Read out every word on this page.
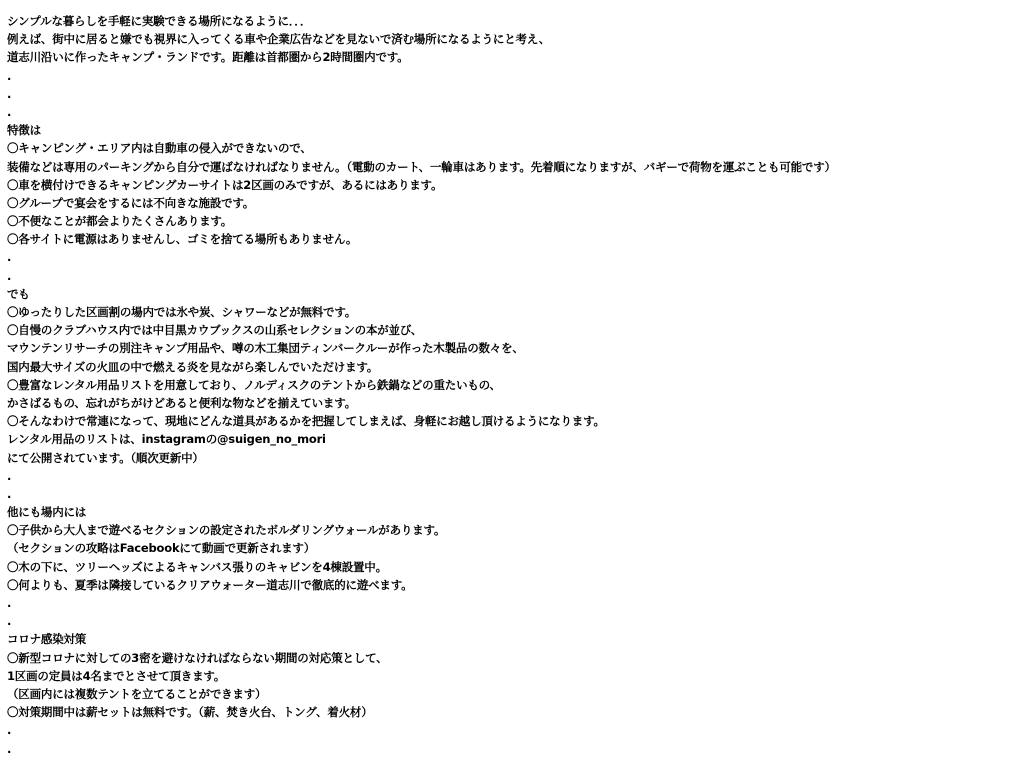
シンプルな暮らしを手軽に実験できる場所になるように．．．
例えば、街中に居ると嫌でも視界に入ってくる車や企業広告などを見ないで済む場所になるようにと考え、
道志川沿いに作ったキャンプ・ランドです。距離は首都圏から2時間圏内です。
.
.
.
特徴は
〇キャンピング・エリア内は自動車の侵入ができないので、
装備などは専用のパーキングから自分で運ばなければなりません。（電動のカート、一輪車はあります。先着順になりますが、バギーで荷物を運ぶことも可能です）
〇車を横付けできるキャンピングカーサイトは2区画のみですが、あるにはあります。
〇グループで宴会をするには不向きな施設です。
〇不便なことが都会よりたくさんあります。
〇各サイトに電源はありませんし、ゴミを捨てる場所もありません。
.
.
でも
〇ゆったりした区画割の場内では氷や炭、シャワーなどが無料です。
〇自慢のクラブハウス内では中目黒カウブックスの山系セレクションの本が並び、
マウンテンリサーチの別注キャンプ用品や、噂の木工集団ティンバークルーが作った木製品の数々を、
国内最大サイズの火皿の中で燃える炎を見ながら楽しんでいただけます。
〇豊富なレンタル用品リストを用意しており、ノルディスクのテントから鉄鍋などの重たいもの、
かさばるもの、忘れがちがけどあると便利な物などを揃えています。
〇そんなわけで常連になって、現地にどんな道具があるかを把握してしまえば、身軽にお越し頂けるようになります。
レンタル用品のリストは、instagramの@suigen_no_mori
にて公開されています。（順次更新中）
.
.
他にも場内には
〇子供から大人まで遊べるセクションの設定されたボルダリングウォールがあります。
（セクションの攻略はFacebookにて動画で更新されます）
〇木の下に、ツリーヘッズによるキャンバス張りのキャビンを4棟設置中。
〇何よりも、夏季は隣接しているクリアウォーター道志川で徹底的に遊べます。
.
.
コロナ感染対策
〇新型コロナに対しての3密を避けなければならない期間の対応策として、
1区画の定員は4名までとさせて頂きます。
（区画内には複数テントを立てることができます）
〇対策期間中は薪セットは無料です。（薪、焚き火台、トング、着火材）
.
.
